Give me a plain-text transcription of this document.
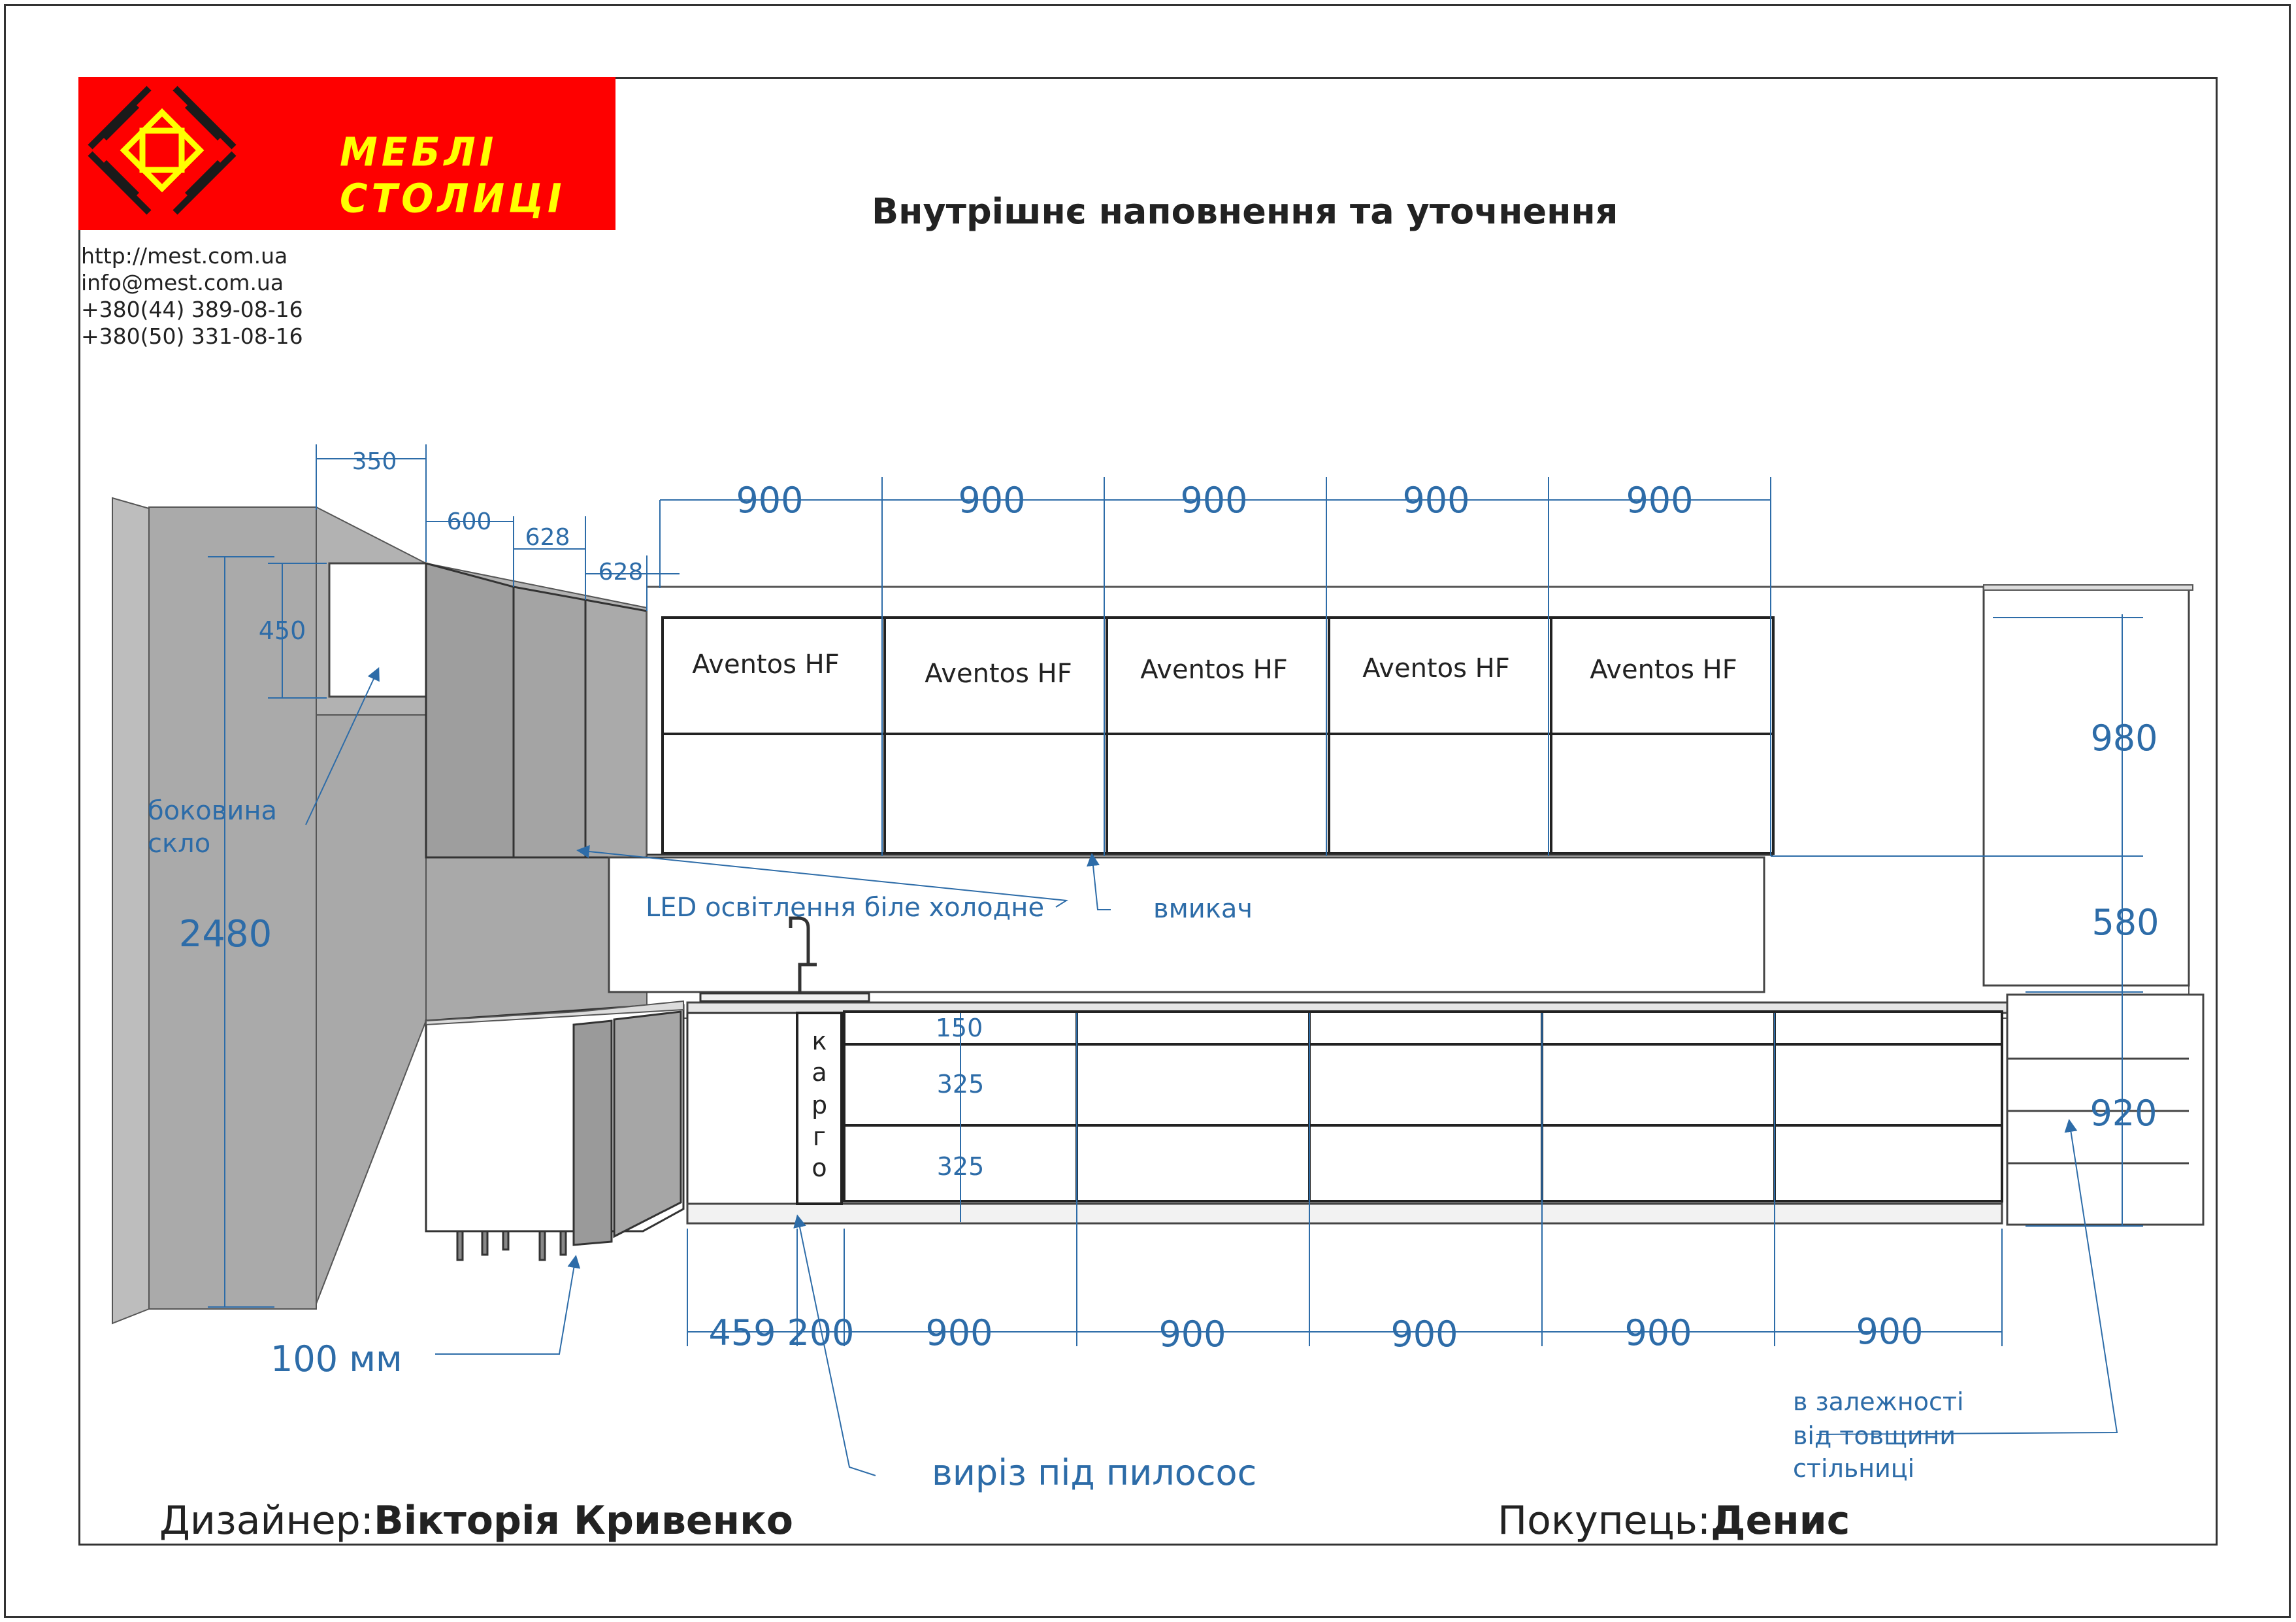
МЕБЛІ СТОЛИЦІ
http://mest.com.ua
info@mest.com.ua
+380(44) 389-08-16
+380(50) 331-08-16
Внутрішнє наповнення та уточнення
Дизайнер:Вікторія Кривенко	Покупець:Денис
900	900	900	900	900
Aventos HF	Aventos HF	Aventos HF	Aventos HF	Aventos HF
350
600
628
628
450
2480
боковина
скло
LED освітлення біле холодне	вмикач
980
580
920
150
325
325
к
а
р
г
о
459 200 900	900	900	900	900
100 мм
виріз під пилосос
в залежності
від товщини
стільниці
